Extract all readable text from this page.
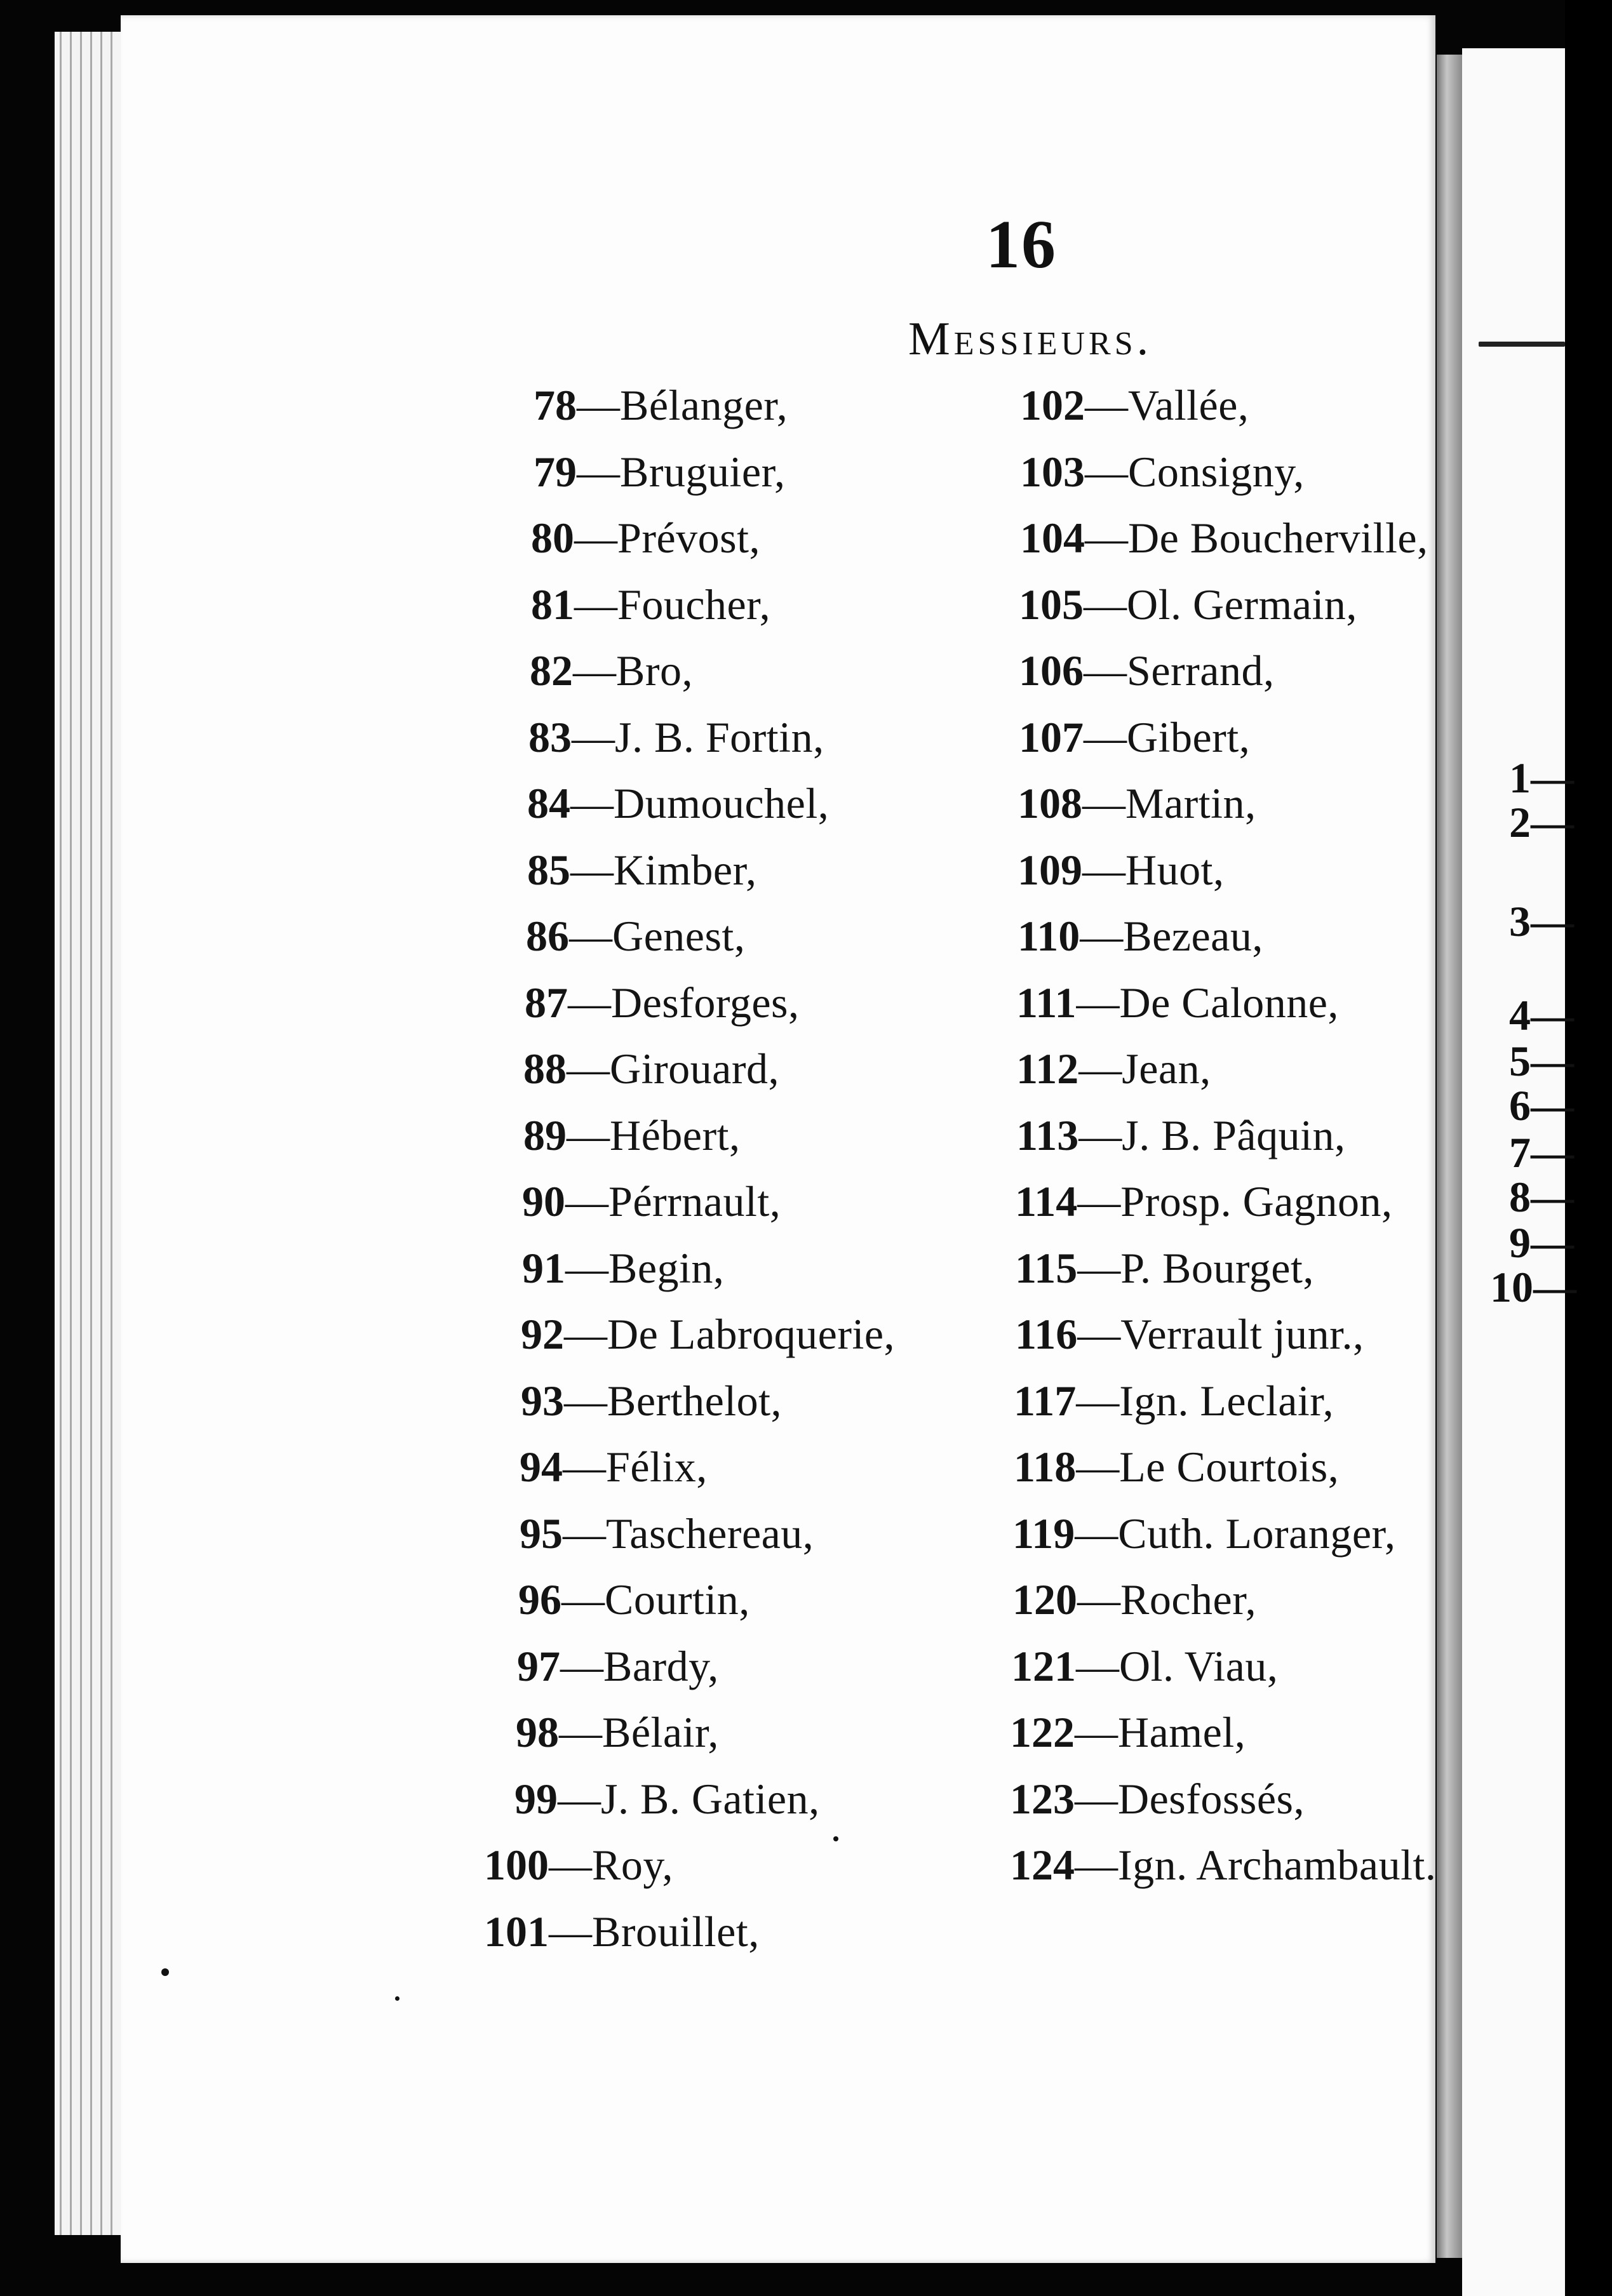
16
Messieurs.
78—Bélanger,
79—Bruguier,
80—Prévost,
81—Foucher,
82—Bro,
83—J. B. Fortin,
84—Dumouchel,
85—Kimber,
86—Genest,
87—Desforges,
88—Girouard,
89—Hébert,
90—Pérrnault,
91—Begin,
92—De Labroquerie,
93—Berthelot,
94—Félix,
95—Taschereau,
96—Courtin,
97—Bardy,
98—Bélair,
99—J. B. Gatien,
100—Roy,
101—Brouillet,
102—Vallée,
103—Consigny,
104—De Boucherville,
105—Ol. Germain,
106—Serrand,
107—Gibert,
108—Martin,
109—Huot,
110—Bezeau,
111—De Calonne,
112—Jean,
113—J. B. Pâquin,
114—Prosp. Gagnon,
115—P. Bourget,
116—Verrault junr.,
117—Ign. Leclair,
118—Le Courtois,
119—Cuth. Loranger,
120—Rocher,
121—Ol. Viau,
122—Hamel,
123—Desfossés,
124—Ign. Archambault.
1—
2—
3—
4—
5—
6—
7—
8—
9—
10—
